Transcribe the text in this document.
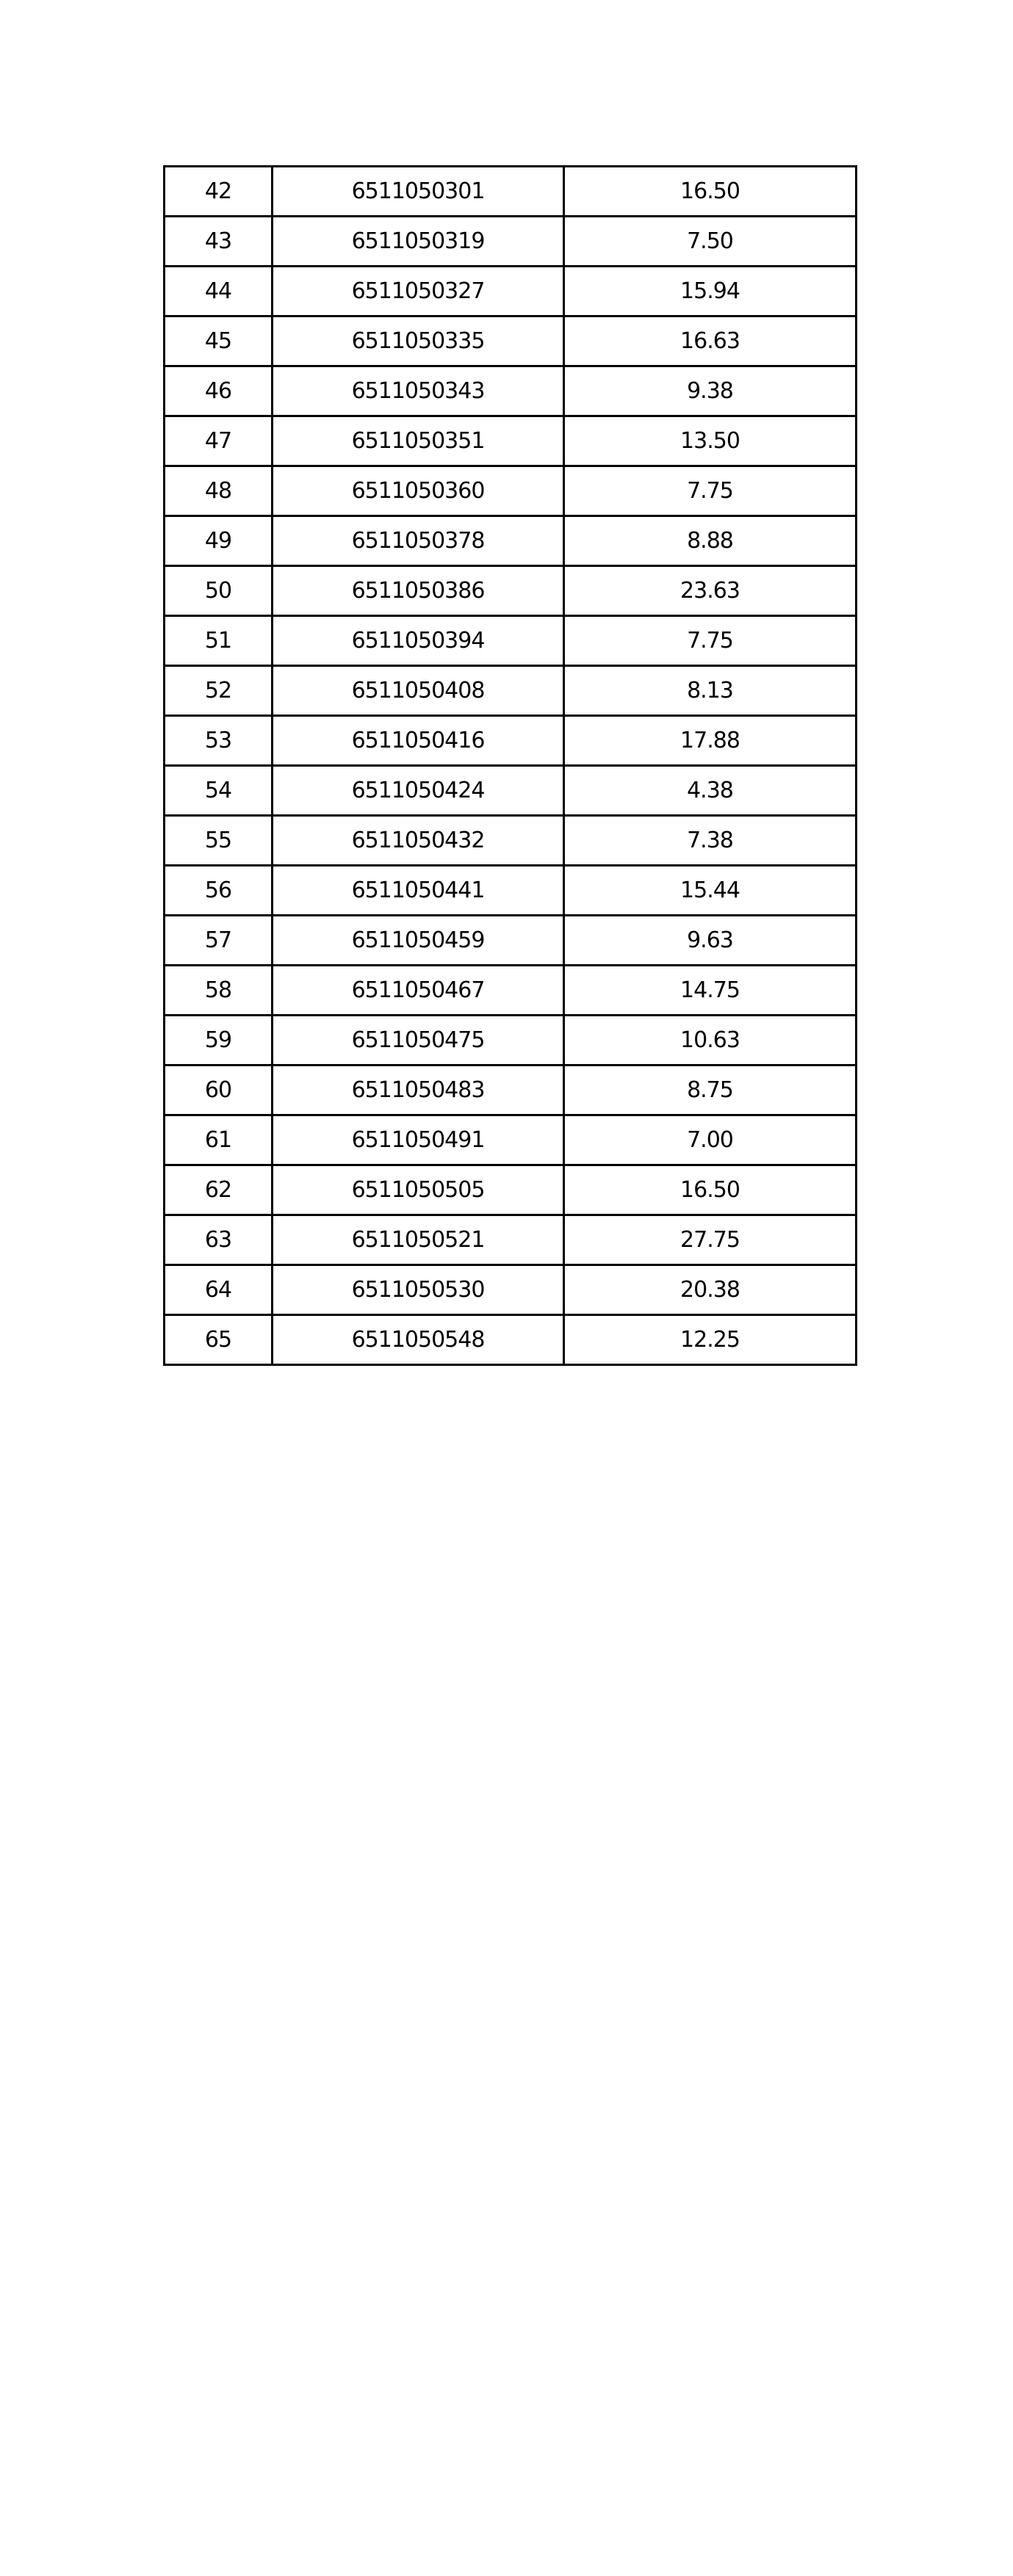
42	6511050301	16.50
43	6511050319	7.50
44	6511050327	15.94
45	6511050335	16.63
46	6511050343	9.38
47	6511050351	13.50
48	6511050360	7.75
49	6511050378	8.88
50	6511050386	23.63
51	6511050394	7.75
52	6511050408	8.13
53	6511050416	17.88
54	6511050424	4.38
55	6511050432	7.38
56	6511050441	15.44
57	6511050459	9.63
58	6511050467	14.75
59	6511050475	10.63
60	6511050483	8.75
61	6511050491	7.00
62	6511050505	16.50
63	6511050521	27.75
64	6511050530	20.38
65	6511050548	12.25
